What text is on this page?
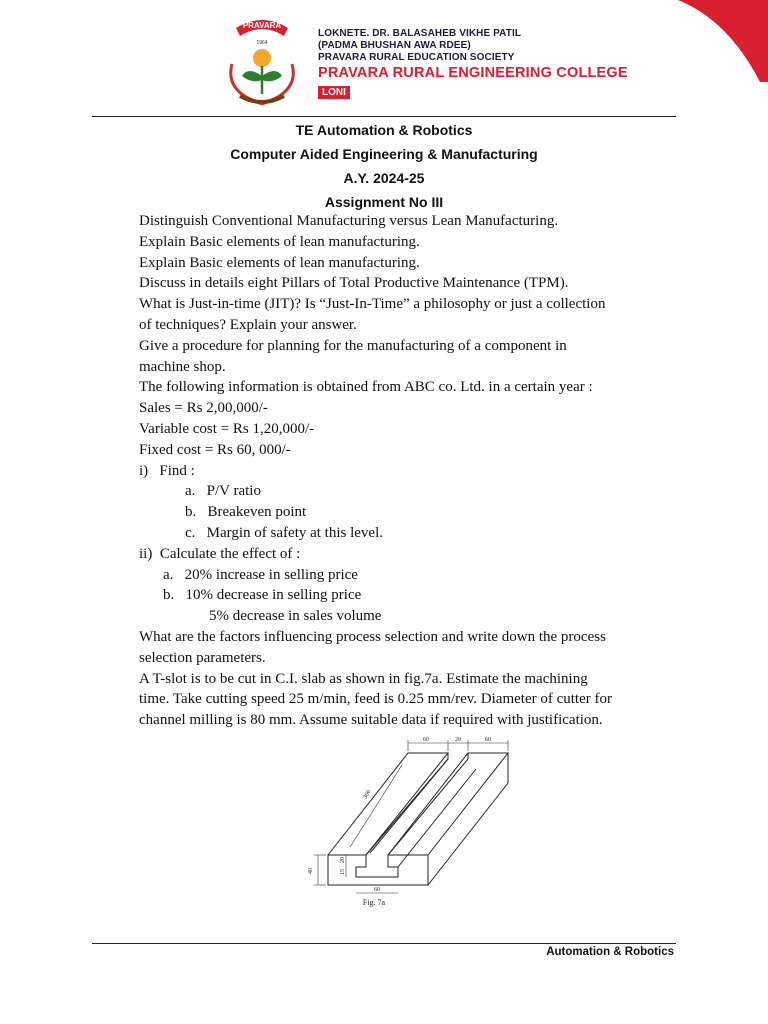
PRAVARA
1964
LOKNETE. DR. BALASAHEB VIKHE PATIL
(PADMA BHUSHAN AWA RDEE)
PRAVARA RURAL EDUCATION SOCIETY
PRAVARA RURAL ENGINEERING COLLEGE
LONI
TE Automation & Robotics
Computer Aided Engineering & Manufacturing
A.Y. 2024-25
Assignment No III
Distinguish Conventional Manufacturing versus Lean Manufacturing.
Explain Basic elements of lean manufacturing.
Explain Basic elements of lean manufacturing.
Discuss in details eight Pillars of Total Productive Maintenance (TPM).
What is Just-in-time (JIT)? Is “Just-In-Time” a philosophy or just a collection
of techniques? Explain your answer.
Give a procedure for planning for the manufacturing of a component in
machine shop.
The following information is obtained from ABC co. Ltd. in a certain year :
Sales = Rs 2,00,000/-
Variable cost = Rs 1,20,000/-
Fixed cost = Rs 60, 000/-
i)   Find :
a.   P/V ratio
b.   Breakeven point
c.   Margin of safety at this level.
ii)  Calculate the effect of :
a.   20% increase in selling price
b.   10% decrease in selling price
5% decrease in sales volume
What are the factors influencing process selection and write down the process
selection parameters.
A T-slot is to be cut in C.I. slab as shown in fig.7a. Estimate the machining
time. Take cutting speed 25 m/min, feed is 0.25 mm/rev. Diameter of cutter for
channel milling is 80 mm. Assume suitable data if required with justification.
60	20	60
300
40
20
15
60
Fig. 7a
Automation & Robotics
